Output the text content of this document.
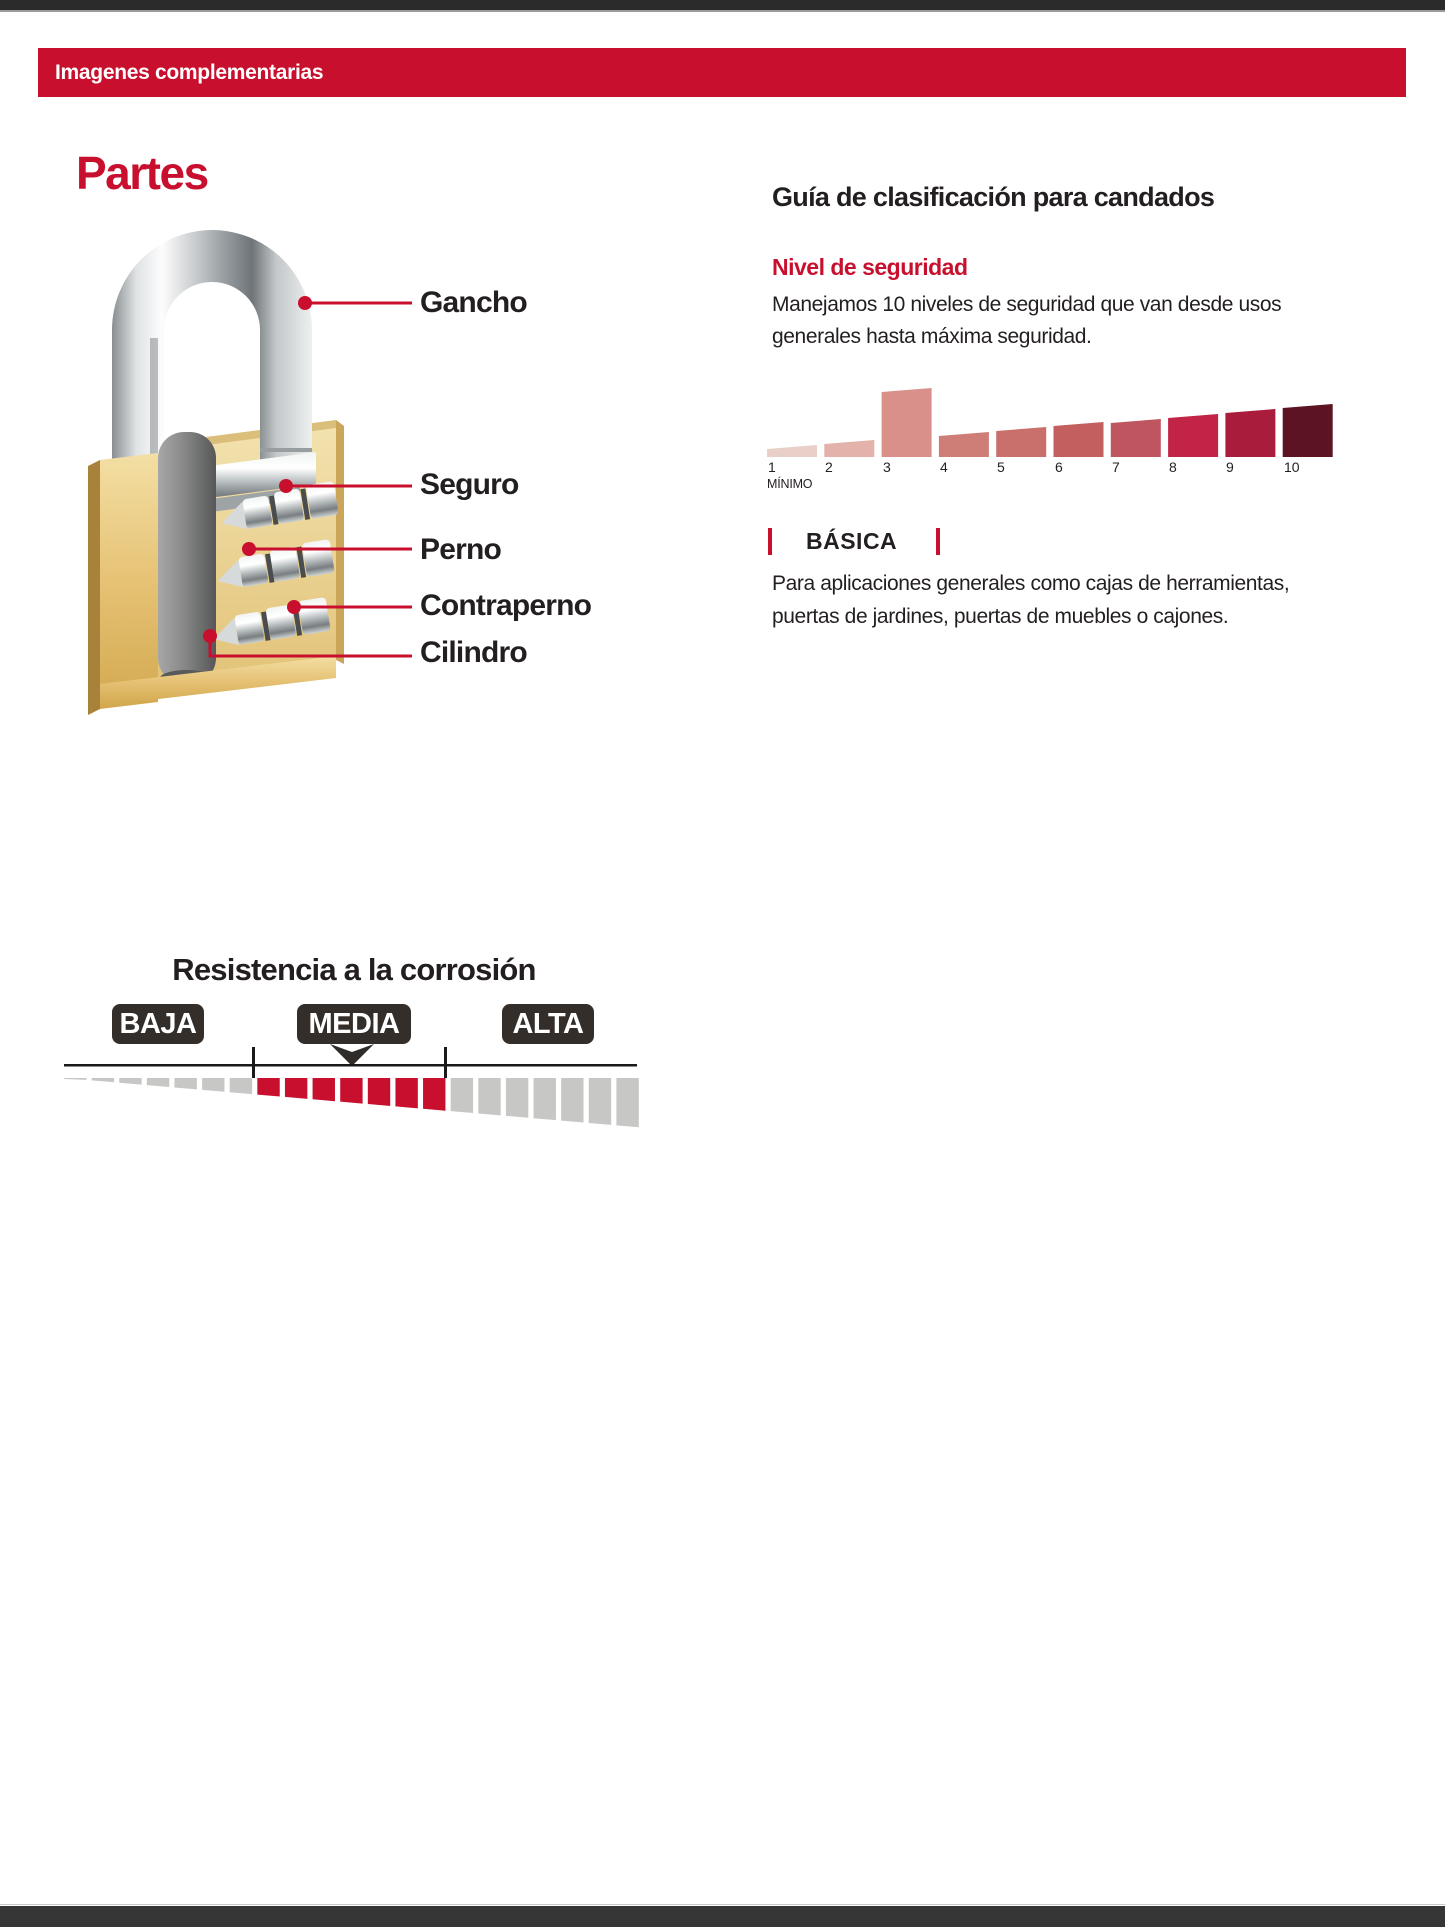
Imagenes complementarias
Partes	Guía de clasificación para candados
Nivel de seguridad
Manejamos 10 niveles de seguridad que van desde usos
generales hasta máxima seguridad.
MÍNIMO
BÁSICA
Para aplicaciones generales como cajas de herramientas,
puertas de jardines, puertas de muebles o cajones.
Resistencia a la corrosión
Gancho
Seguro
Perno
Contraperno
Cilindro
1	2	3	4	5	6	7	8	9	10
BAJA	MEDIA	ALTA
